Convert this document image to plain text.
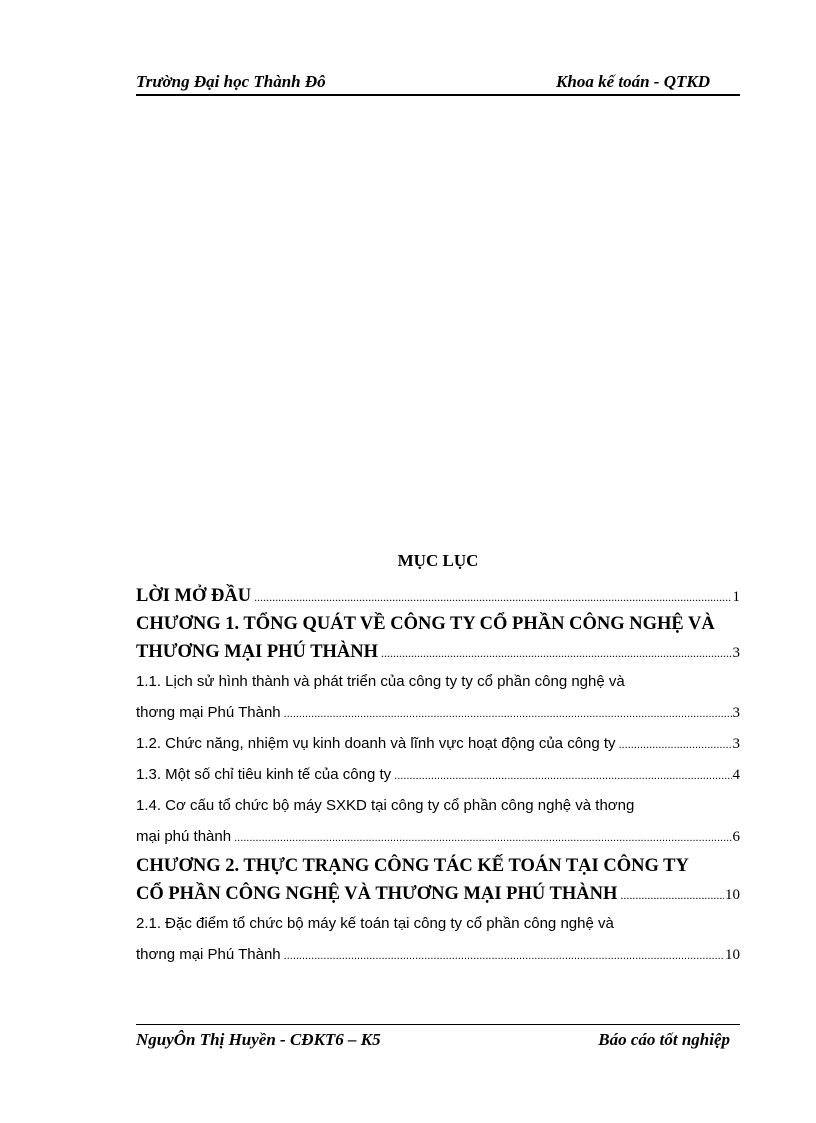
Trường Đại học Thành Đô	Khoa kế toán - QTKD
MỤC LỤC
LỜI MỞ ĐẦU .....	1
CHƯƠNG 1. TỔNG QUÁT VỀ CÔNG TY CỔ PHẦN CÔNG NGHỆ VÀ
THƯƠNG MẠI PHÚ THÀNH .....	3
1.1. Lịch sử hình thành và phát triển của công ty ty cổ phần công nghệ và
thơng mại Phú Thành .....	3
1.2. Chức năng, nhiệm vụ kinh doanh và lĩnh vực hoạt động của công ty .....	3
1.3. Một số chỉ tiêu kinh tế của công ty .....	4
1.4. Cơ cấu tổ chức bộ máy SXKD tại công ty cổ phần công nghệ và thơng
mại phú thành .....	6
CHƯƠNG 2. THỰC TRẠNG CÔNG TÁC KẾ TOÁN TẠI CÔNG TY
CỔ PHẦN CÔNG NGHỆ VÀ THƯƠNG MẠI PHÚ THÀNH .....	10
2.1. Đặc điểm tổ chức bộ máy kế toán tại công ty cổ phần công nghệ và
thơng mại Phú Thành .....	10
NguyÔn Thị Huyền - CĐKT6 – K5	Báo cáo tốt nghiệp
